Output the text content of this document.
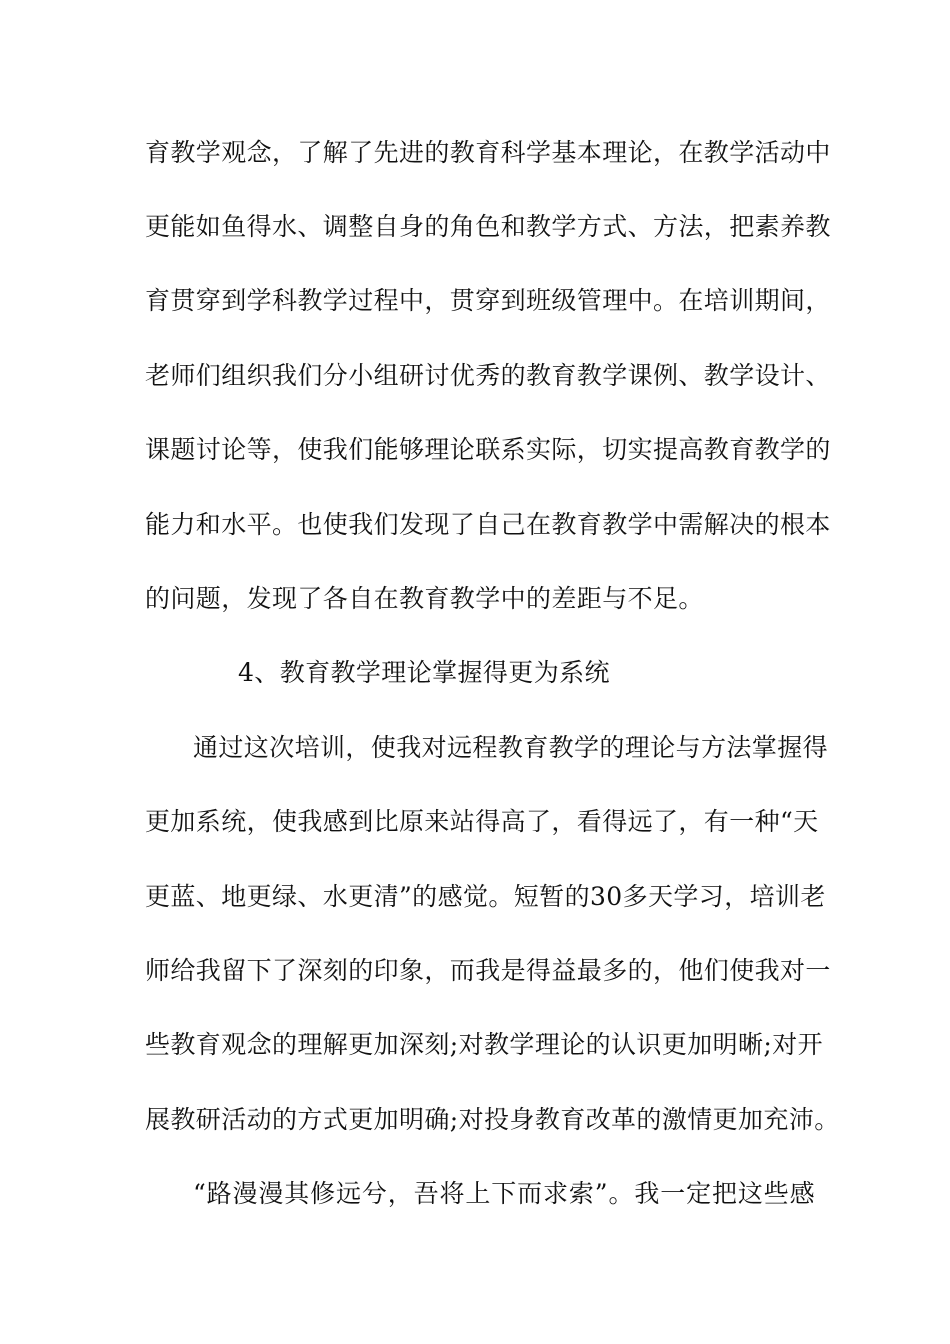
育教学观念，了解了先进的教育科学基本理论，在教学活动中
更能如鱼得水、调整自身的角色和教学方式、方法，把素养教
育贯穿到学科教学过程中，贯穿到班级管理中。在培训期间，
老师们组织我们分小组研讨优秀的教育教学课例、教学设计、
课题讨论等，使我们能够理论联系实际，切实提高教育教学的
能力和水平。也使我们发现了自己在教育教学中需解决的根本
的问题，发现了各自在教育教学中的差距与不足。
4、教育教学理论掌握得更为系统
通过这次培训，使我对远程教育教学的理论与方法掌握得
更加系统，使我感到比原来站得高了，看得远了，有一种“天
更蓝、地更绿、水更清”的感觉。短暂的30多天学习，培训老
师给我留下了深刻的印象，而我是得益最多的，他们使我对一
些教育观念的理解更加深刻;对教学理论的认识更加明晰;对开
展教研活动的方式更加明确;对投身教育改革的激情更加充沛。
“路漫漫其修远兮，吾将上下而求索”。我一定把这些感
